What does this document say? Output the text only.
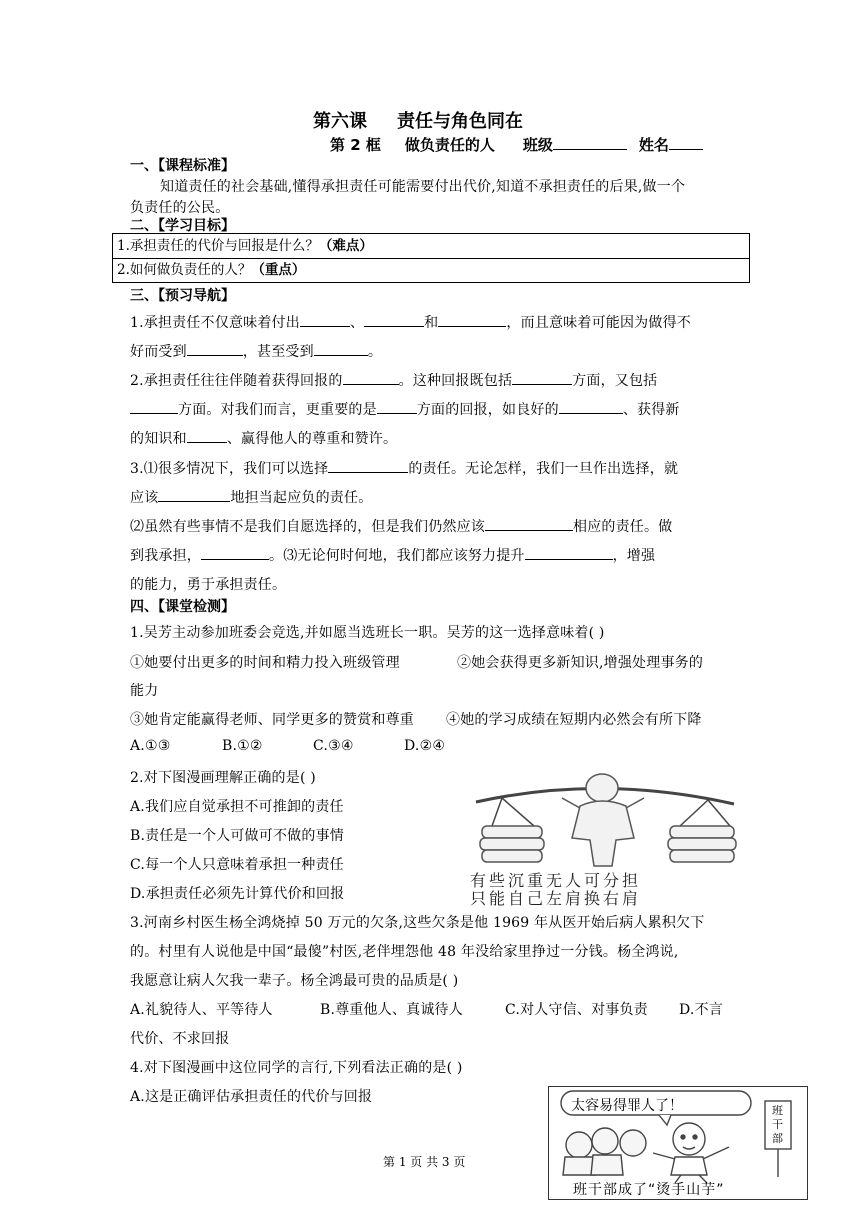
第六课 责任与角色同在
第 2 框 做负责任的人 班级	姓名
一、【课程标准】
知道责任的社会基础,懂得承担责任可能需要付出代价,知道不承担责任的后果,做一个
负责任的公民。
二、【学习目标】
1.承担责任的代价与回报是什么？（难点）
2.如何做负责任的人？（重点）
三、【预习导航】
1.承担责任不仅意味着付出	、	和	，而且意味着可能因为做得不
好而受到	，甚至受到	。
2.承担责任往往伴随着获得回报的	。这种回报既包括	方面，又包括
方面。对我们而言，更重要的是	方面的回报，如良好的	、获得新
的知识和	、赢得他人的尊重和赞许。
3.⑴很多情况下，我们可以选择	的责任。无论怎样，我们一旦作出选择，就
应该	地担当起应负的责任。
⑵虽然有些事情不是我们自愿选择的，但是我们仍然应该	相应的责任。做
到我承担，	。⑶无论何时何地，我们都应该努力提升	，增强
的能力，勇于承担责任。
四、【课堂检测】
1.吴芳主动参加班委会竞选,并如愿当选班长一职。吴芳的这一选择意味着( )
①她要付出更多的时间和精力投入班级管理	②她会获得更多新知识,增强处理事务的
能力
③她肯定能赢得老师、同学更多的赞赏和尊重 ④她的学习成绩在短期内必然会有所下降
A.①③	B.①②	C.③④	D.②④
2.对下图漫画理解正确的是( )
A.我们应自觉承担不可推卸的责任
B.责任是一个人可做可不做的事情
C.每一个人只意味着承担一种责任
D.承担责任必须先计算代价和回报
有些沉重无人可分担
只能自己左肩换右肩
3.河南乡村医生杨全鸿烧掉 50 万元的欠条,这些欠条是他 1969 年从医开始后病人累积欠下
的。村里有人说他是中国“最傻”村医,老伴埋怨他 48 年没给家里挣过一分钱。杨全鸿说,
我愿意让病人欠我一辈子。杨全鸿最可贵的品质是( )
A.礼貌待人、平等待人	B.尊重他人、真诚待人	C.对人守信、对事负责 D.不言
代价、不求回报
4.对下图漫画中这位同学的言行,下列看法正确的是( )
A.这是正确评估承担责任的代价与回报
太容易得罪人了！	班干部
班干部成了“烫手山芋”
第 1 页 共 3 页
